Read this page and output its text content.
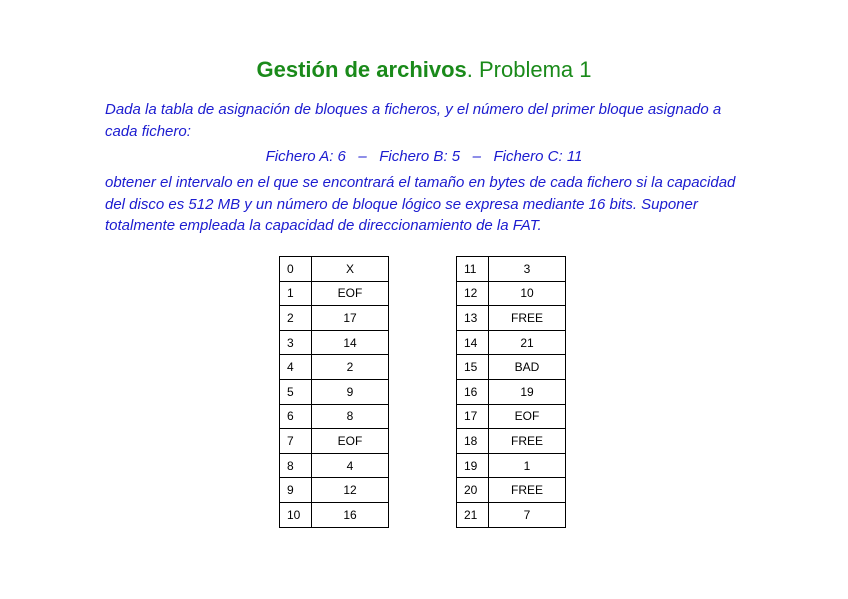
Gestión de archivos. Problema 1
Dada la tabla de asignación de bloques a ficheros, y el número del primer bloque asignado a cada fichero:
Fichero A: 6   –   Fichero B: 5   –   Fichero C: 11
obtener el intervalo en el que se encontrará el tamaño en bytes de cada fichero si la capacidad del disco es 512 MB y un número de bloque lógico se expresa mediante 16 bits. Suponer totalmente empleada la capacidad de direccionamiento de la FAT.
0	X
1	EOF
2	17
3	14
4	2
5	9
6	8
7	EOF
8	4
9	12
10	16
11	3
12	10
13	FREE
14	21
15	BAD
16	19
17	EOF
18	FREE
19	1
20	FREE
21	7
